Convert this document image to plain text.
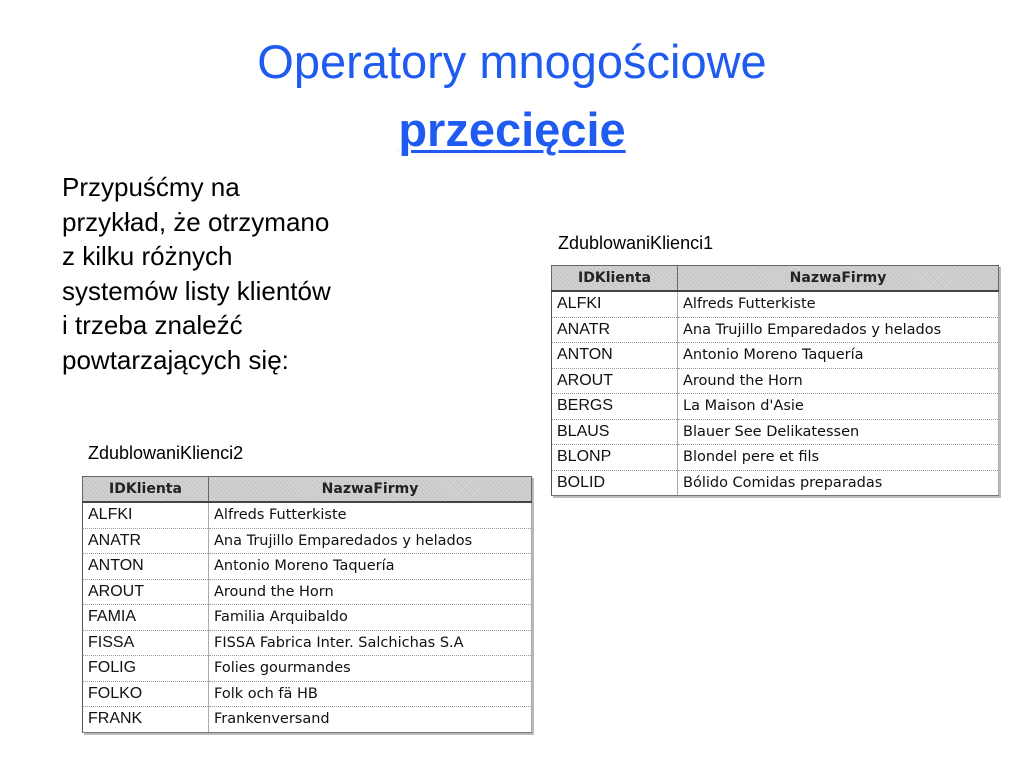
Operatory mnogościowe
przecięcie
Przypuśćmy na
przykład, że otrzymano
z kilku różnych
systemów listy klientów
i trzeba znaleźć
powtarzających się:
ZdublowaniKlienci1
IDKlienta	NazwaFirmy
ALFKI	Alfreds Futterkiste
ANATR	Ana Trujillo Emparedados y helados
ANTON	Antonio Moreno Taquería
AROUT	Around the Horn
BERGS	La Maison d'Asie
BLAUS	Blauer See Delikatessen
BLONP	Blondel pere et fils
BOLID	Bólido Comidas preparadas
ZdublowaniKlienci2
IDKlienta	NazwaFirmy
ALFKI	Alfreds Futterkiste
ANATR	Ana Trujillo Emparedados y helados
ANTON	Antonio Moreno Taquería
AROUT	Around the Horn
FAMIA	Familia Arquibaldo
FISSA	FISSA Fabrica Inter. Salchichas S.A
FOLIG	Folies gourmandes
FOLKO	Folk och fä HB
FRANK	Frankenversand
